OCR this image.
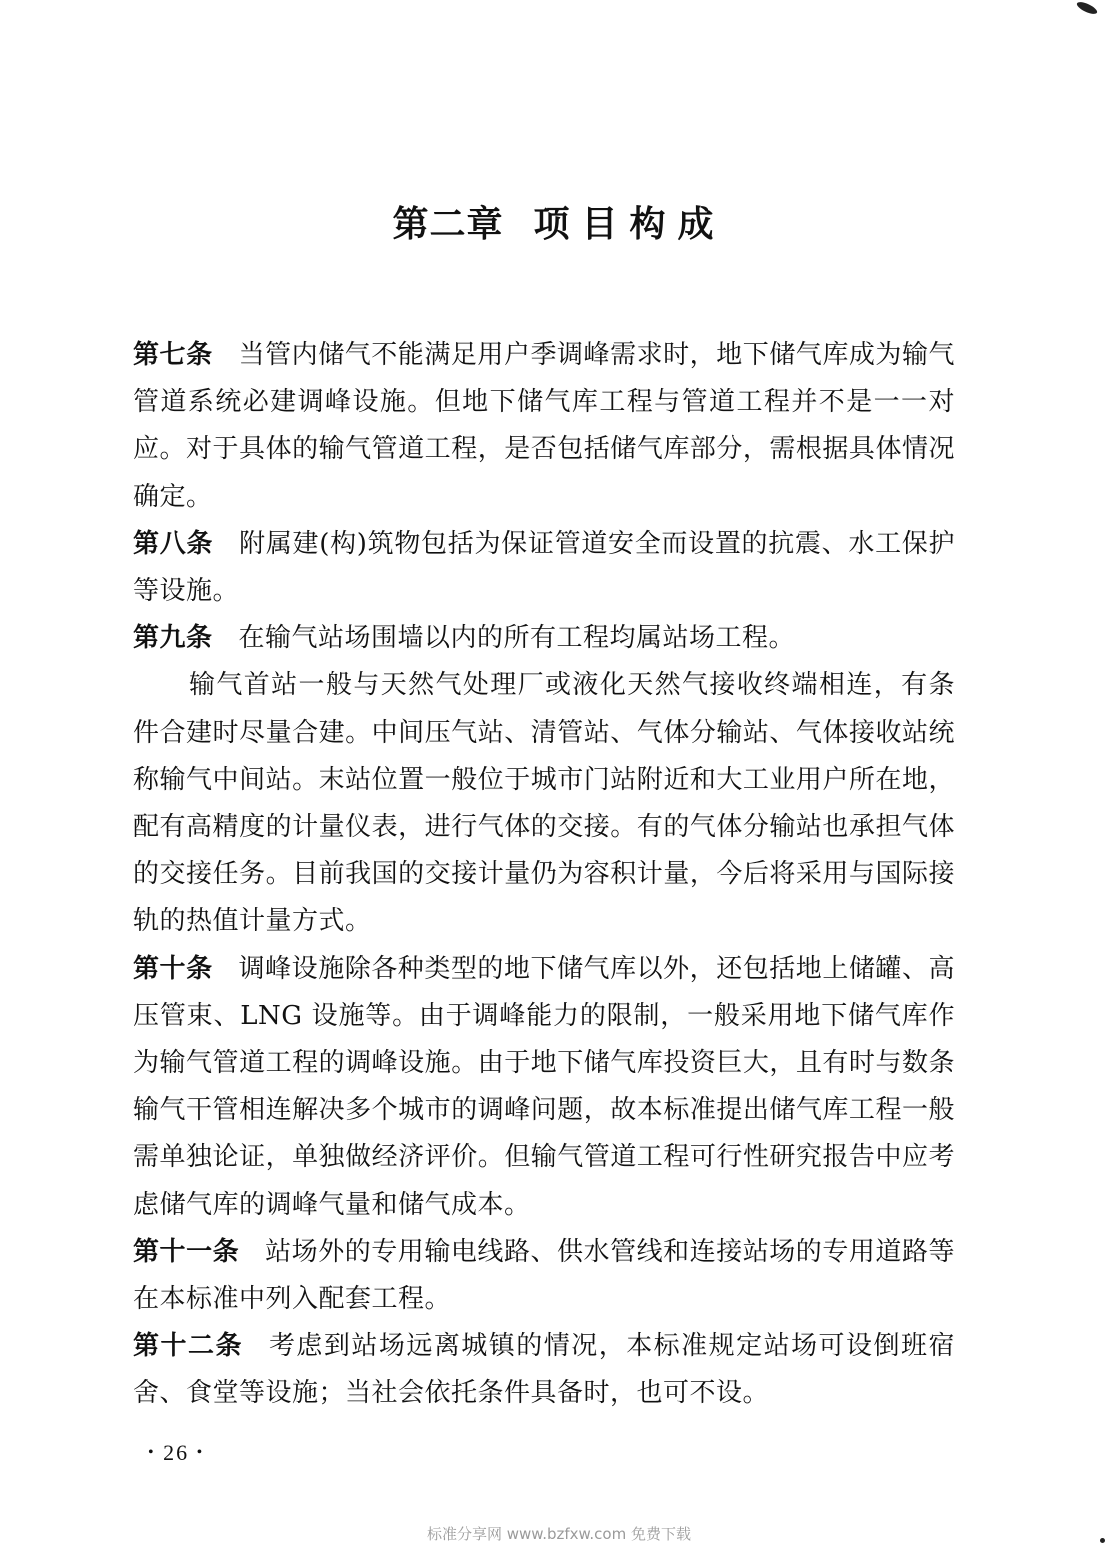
第二章 项目构成

第七条 当管内储气不能满足用户季调峰需求时，地下储气库成为输气管道系统必建调峰设施。但地下储气库工程与管道工程并不是一一对应。对于具体的输气管道工程，是否包括储气库部分，需根据具体情况确定。

第八条 附属建(构)筑物包括为保证管道安全而设置的抗震、水工保护等设施。

第九条 在输气站场围墙以内的所有工程均属站场工程。

输气首站一般与天然气处理厂或液化天然气接收终端相连，有条件合建时尽量合建。中间压气站、清管站、气体分输站、气体接收站统称输气中间站。末站位置一般位于城市门站附近和大工业用户所在地，配有高精度的计量仪表，进行气体的交接。有的气体分输站也承担气体的交接任务。目前我国的交接计量仍为容积计量，今后将采用与国际接轨的热值计量方式。

第十条 调峰设施除各种类型的地下储气库以外，还包括地上储罐、高压管束、LNG 设施等。由于调峰能力的限制，一般采用地下储气库作为输气管道工程的调峰设施。由于地下储气库投资巨大，且有时与数条输气干管相连解决多个城市的调峰问题，故本标准提出储气库工程一般需单独论证，单独做经济评价。但输气管道工程可行性研究报告中应考虑储气库的调峰气量和储气成本。

第十一条 站场外的专用输电线路、供水管线和连接站场的专用道路等在本标准中列入配套工程。

第十二条 考虑到站场远离城镇的情况，本标准规定站场可设倒班宿舍、食堂等设施；当社会依托条件具备时，也可不设。

• 26 •
标准分享网 www.bzfxw.com 免费下载
